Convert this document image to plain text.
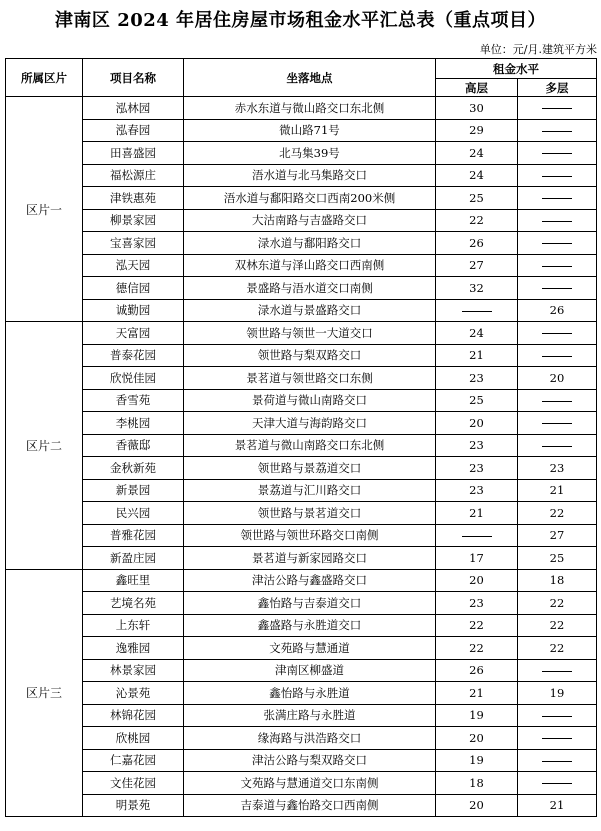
津南区 2024 年居住房屋市场租金水平汇总表（重点项目）
单位：元/月.建筑平方米
所属区片	项目名称	坐落地点	租金水平	
			高层	多层
区片一	泓林园	赤水东道与微山路交口东北侧	30	
	泓春园	微山路71号	29	
	田喜盛园	北马集39号	24	
	福松源庄	浯水道与北马集路交口	24	
	津铁惠苑	浯水道与鄱阳路交口西南200米侧	25	
	柳景家园	大沽南路与吉盛路交口	22	
	宝喜家园	渌水道与鄱阳路交口	26	
	泓天园	双林东道与泽山路交口西南侧	27	
	德信园	景盛路与浯水道交口南侧	32	
	诚勤园	渌水道与景盛路交口		26
区片二	天富园	领世路与领世一大道交口	24	
	普泰花园	领世路与梨双路交口	21	
	欣悦佳园	景茗道与领世路交口东侧	23	20
	香雪苑	景荷道与微山南路交口	25	
	李桃园	天津大道与海韵路交口	20	
	香薇邸	景茗道与微山南路交口东北侧	23	
	金秋新苑	领世路与景荔道交口	23	23
	新景园	景荔道与汇川路交口	23	21
	民兴园	领世路与景茗道交口	21	22
	普雅花园	领世路与领世环路交口南侧		27
	新盈庄园	景茗道与新家园路交口	17	25
区片三	鑫旺里	津沽公路与鑫盛路交口	20	18
	艺境名苑	鑫怡路与吉泰道交口	23	22
	上东轩	鑫盛路与永胜道交口	22	22
	逸雅园	文苑路与慧通道	22	22
	林景家园	津南区柳盛道	26	
	沁景苑	鑫怡路与永胜道	21	19
	林锦花园	张满庄路与永胜道	19	
	欣桃园	缘海路与洪浩路交口	20	
	仁嘉花园	津沽公路与梨双路交口	19	
	文佳花园	文苑路与慧通道交口东南侧	18	
	明景苑	吉泰道与鑫怡路交口西南侧	20	21
